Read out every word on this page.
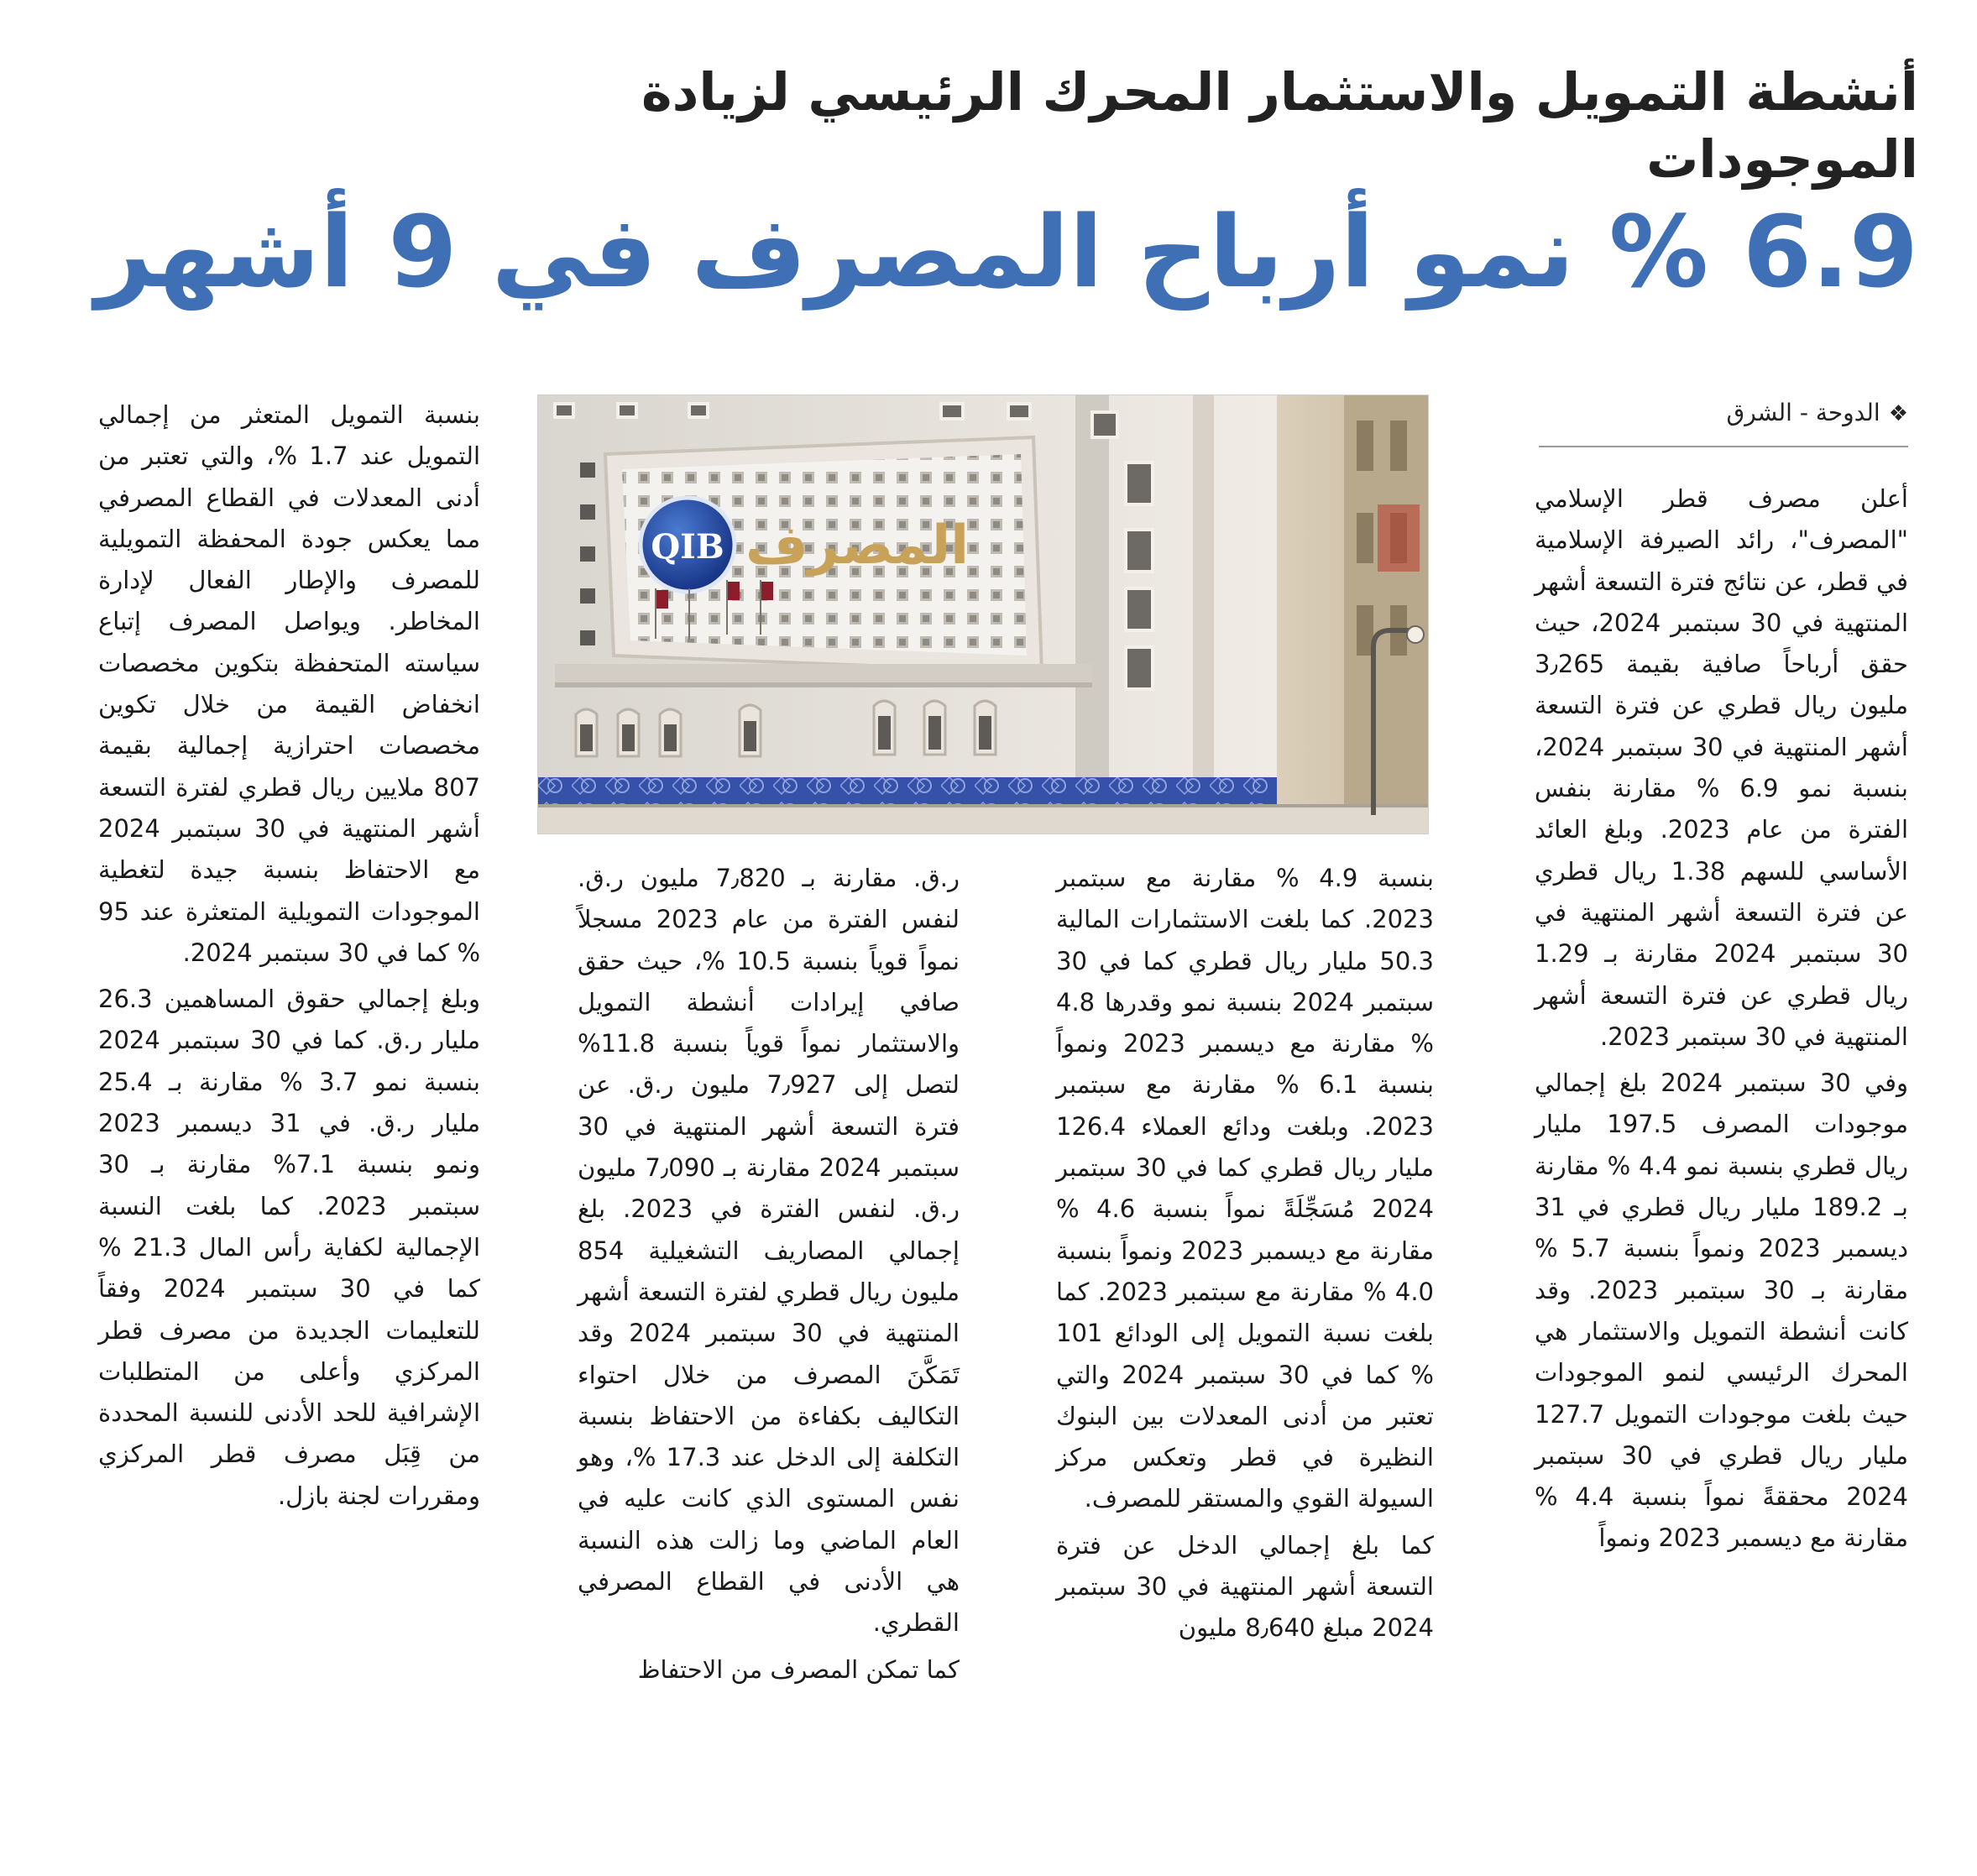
أنشطة التمويل والاستثمار المحرك الرئيسي لزيادة الموجودات
6.9 % نمو أرباح المصرف في 9 أشهر
❖الدوحة - الشرق
QIB المصرف

أعلن مصرف قطر الإسلامي "المصرف"، رائد الصيرفة الإسلامية في قطر، عن نتائج فترة التسعة أشهر المنتهية في 30 سبتمبر 2024، حيث حقق أرباحاً صافية بقيمة 3٫265 مليون ريال قطري عن فترة التسعة أشهر المنتهية في 30 سبتمبر 2024، بنسبة نمو 6.9 % مقارنة بنفس الفترة من عام 2023. وبلغ العائد الأساسي للسهم 1.38 ريال قطري عن فترة التسعة أشهر المنتهية في 30 سبتمبر 2024 مقارنة بـ 1.29 ريال قطري عن فترة التسعة أشهر المنتهية في 30 سبتمبر 2023.

وفي 30 سبتمبر 2024 بلغ إجمالي موجودات المصرف 197.5 مليار ريال قطري بنسبة نمو 4.4 % مقارنة بـ 189.2 مليار ريال قطري في 31 ديسمبر 2023 ونمواً بنسبة 5.7 % مقارنة بـ 30 سبتمبر 2023. وقد كانت أنشطة التمويل والاستثمار هي المحرك الرئيسي لنمو الموجودات حيث بلغت موجودات التمويل 127.7 مليار ريال قطري في 30 سبتمبر 2024 محققةً نمواً بنسبة 4.4 % مقارنة مع ديسمبر 2023 ونمواً

بنسبة 4.9 % مقارنة مع سبتمبر 2023. كما بلغت الاستثمارات المالية 50.3 مليار ريال قطري كما في 30 سبتمبر 2024 بنسبة نمو وقدرها 4.8 % مقارنة مع ديسمبر 2023 ونمواً بنسبة 6.1 % مقارنة مع سبتمبر 2023. وبلغت ودائع العملاء 126.4 مليار ريال قطري كما في 30 سبتمبر 2024 مُسَجِّلَةً نمواً بنسبة 4.6 % مقارنة مع ديسمبر 2023 ونمواً بنسبة 4.0 % مقارنة مع سبتمبر 2023. كما بلغت نسبة التمويل إلى الودائع 101 % كما في 30 سبتمبر 2024 والتي تعتبر من أدنى المعدلات بين البنوك النظيرة في قطر وتعكس مركز السيولة القوي والمستقر للمصرف.

كما بلغ إجمالي الدخل عن فترة التسعة أشهر المنتهية في 30 سبتمبر 2024 مبلغ 8٫640 مليون

ر.ق. مقارنة بـ 7٫820 مليون ر.ق. لنفس الفترة من عام 2023 مسجلاً نمواً قوياً بنسبة 10.5 %، حيث حقق صافي إيرادات أنشطة التمويل والاستثمار نمواً قوياً بنسبة 11.8% لتصل إلى 7٫927 مليون ر.ق. عن فترة التسعة أشهر المنتهية في 30 سبتمبر 2024 مقارنة بـ 7٫090 مليون ر.ق. لنفس الفترة في 2023. بلغ إجمالي المصاريف التشغيلية 854 مليون ريال قطري لفترة التسعة أشهر المنتهية في 30 سبتمبر 2024 وقد تَمَكَّنَ المصرف من خلال احتواء التكاليف بكفاءة من الاحتفاظ بنسبة التكلفة إلى الدخل عند 17.3 %، وهو نفس المستوى الذي كانت عليه في العام الماضي وما زالت هذه النسبة هي الأدنى في القطاع المصرفي القطري.

كما تمكن المصرف من الاحتفاظ

بنسبة التمويل المتعثر من إجمالي التمويل عند 1.7 %، والتي تعتبر من أدنى المعدلات في القطاع المصرفي مما يعكس جودة المحفظة التمويلية للمصرف والإطار الفعال لإدارة المخاطر. ويواصل المصرف إتباع سياسته المتحفظة بتكوين مخصصات انخفاض القيمة من خلال تكوين مخصصات احترازية إجمالية بقيمة 807 ملايين ريال قطري لفترة التسعة أشهر المنتهية في 30 سبتمبر 2024 مع الاحتفاظ بنسبة جيدة لتغطية الموجودات التمويلية المتعثرة عند 95 % كما في 30 سبتمبر 2024.

وبلغ إجمالي حقوق المساهمين 26.3 مليار ر.ق. كما في 30 سبتمبر 2024 بنسبة نمو 3.7 % مقارنة بـ 25.4 مليار ر.ق. في 31 ديسمبر 2023 ونمو بنسبة 7.1% مقارنة بـ 30 سبتمبر 2023. كما بلغت النسبة الإجمالية لكفاية رأس المال 21.3 % كما في 30 سبتمبر 2024 وفقاً للتعليمات الجديدة من مصرف قطر المركزي وأعلى من المتطلبات الإشرافية للحد الأدنى للنسبة المحددة من قِبَل مصرف قطر المركزي ومقررات لجنة بازل.
